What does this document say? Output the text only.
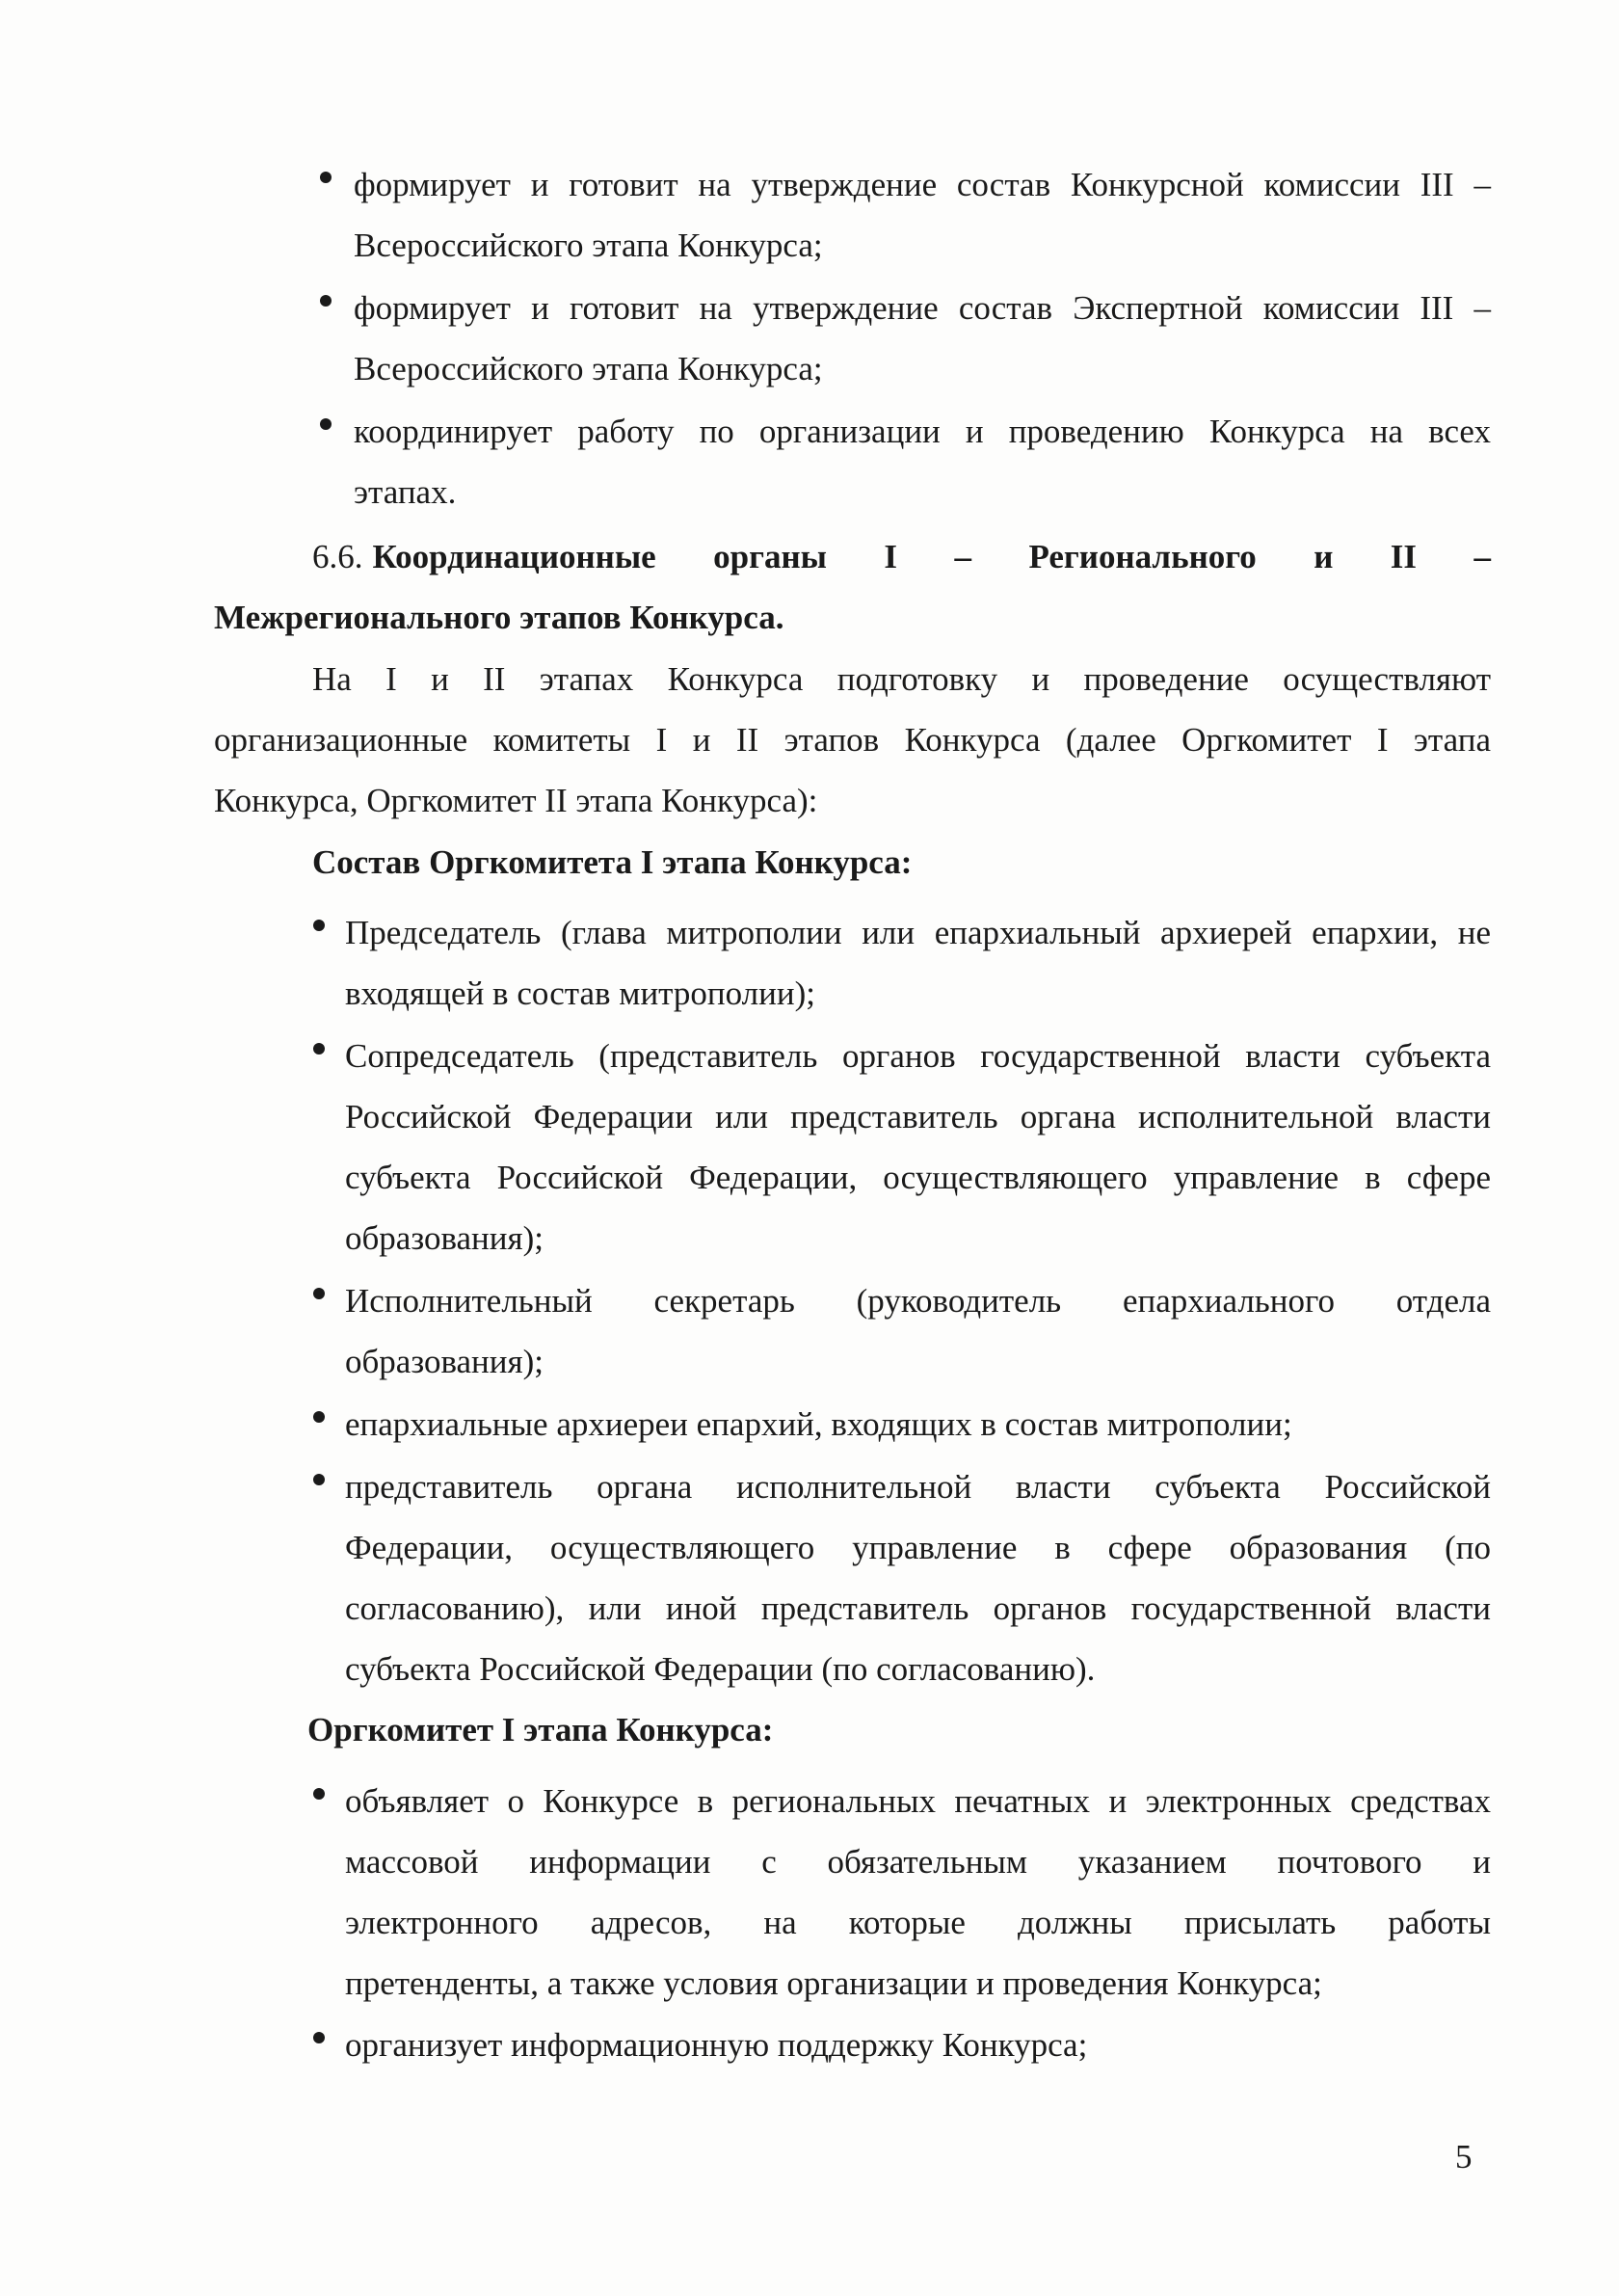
формирует и готовит на утверждение состав Конкурсной комиссии III –
Всероссийского этапа Конкурса;
формирует и готовит на утверждение состав Экспертной комиссии III –
Всероссийского этапа Конкурса;
координирует работу по организации и проведению Конкурса на всех
этапах.
6.6. Координационные органы I – Регионального и II –
Межрегионального этапов Конкурса.
На I и II этапах Конкурса подготовку и проведение осуществляют
организационные комитеты I и II этапов Конкурса (далее Оргкомитет I этапа
Конкурса, Оргкомитет II этапа Конкурса):
Состав Оргкомитета I этапа Конкурса:
Председатель (глава митрополии или епархиальный архиерей епархии, не
входящей в состав митрополии);
Сопредседатель (представитель органов государственной власти субъекта
Российской Федерации или представитель органа исполнительной власти
субъекта Российской Федерации, осуществляющего управление в сфере
образования);
Исполнительный секретарь (руководитель епархиального отдела
образования);
епархиальные архиереи епархий, входящих в состав митрополии;
представитель органа исполнительной власти субъекта Российской
Федерации, осуществляющего управление в сфере образования (по
согласованию), или иной представитель органов государственной власти
субъекта Российской Федерации (по согласованию).
Оргкомитет I этапа Конкурса:
объявляет о Конкурсе в региональных печатных и электронных средствах
массовой информации с обязательным указанием почтового и
электронного адресов, на которые должны присылать работы
претенденты, а также условия организации и проведения Конкурса;
организует информационную поддержку Конкурса;
5
